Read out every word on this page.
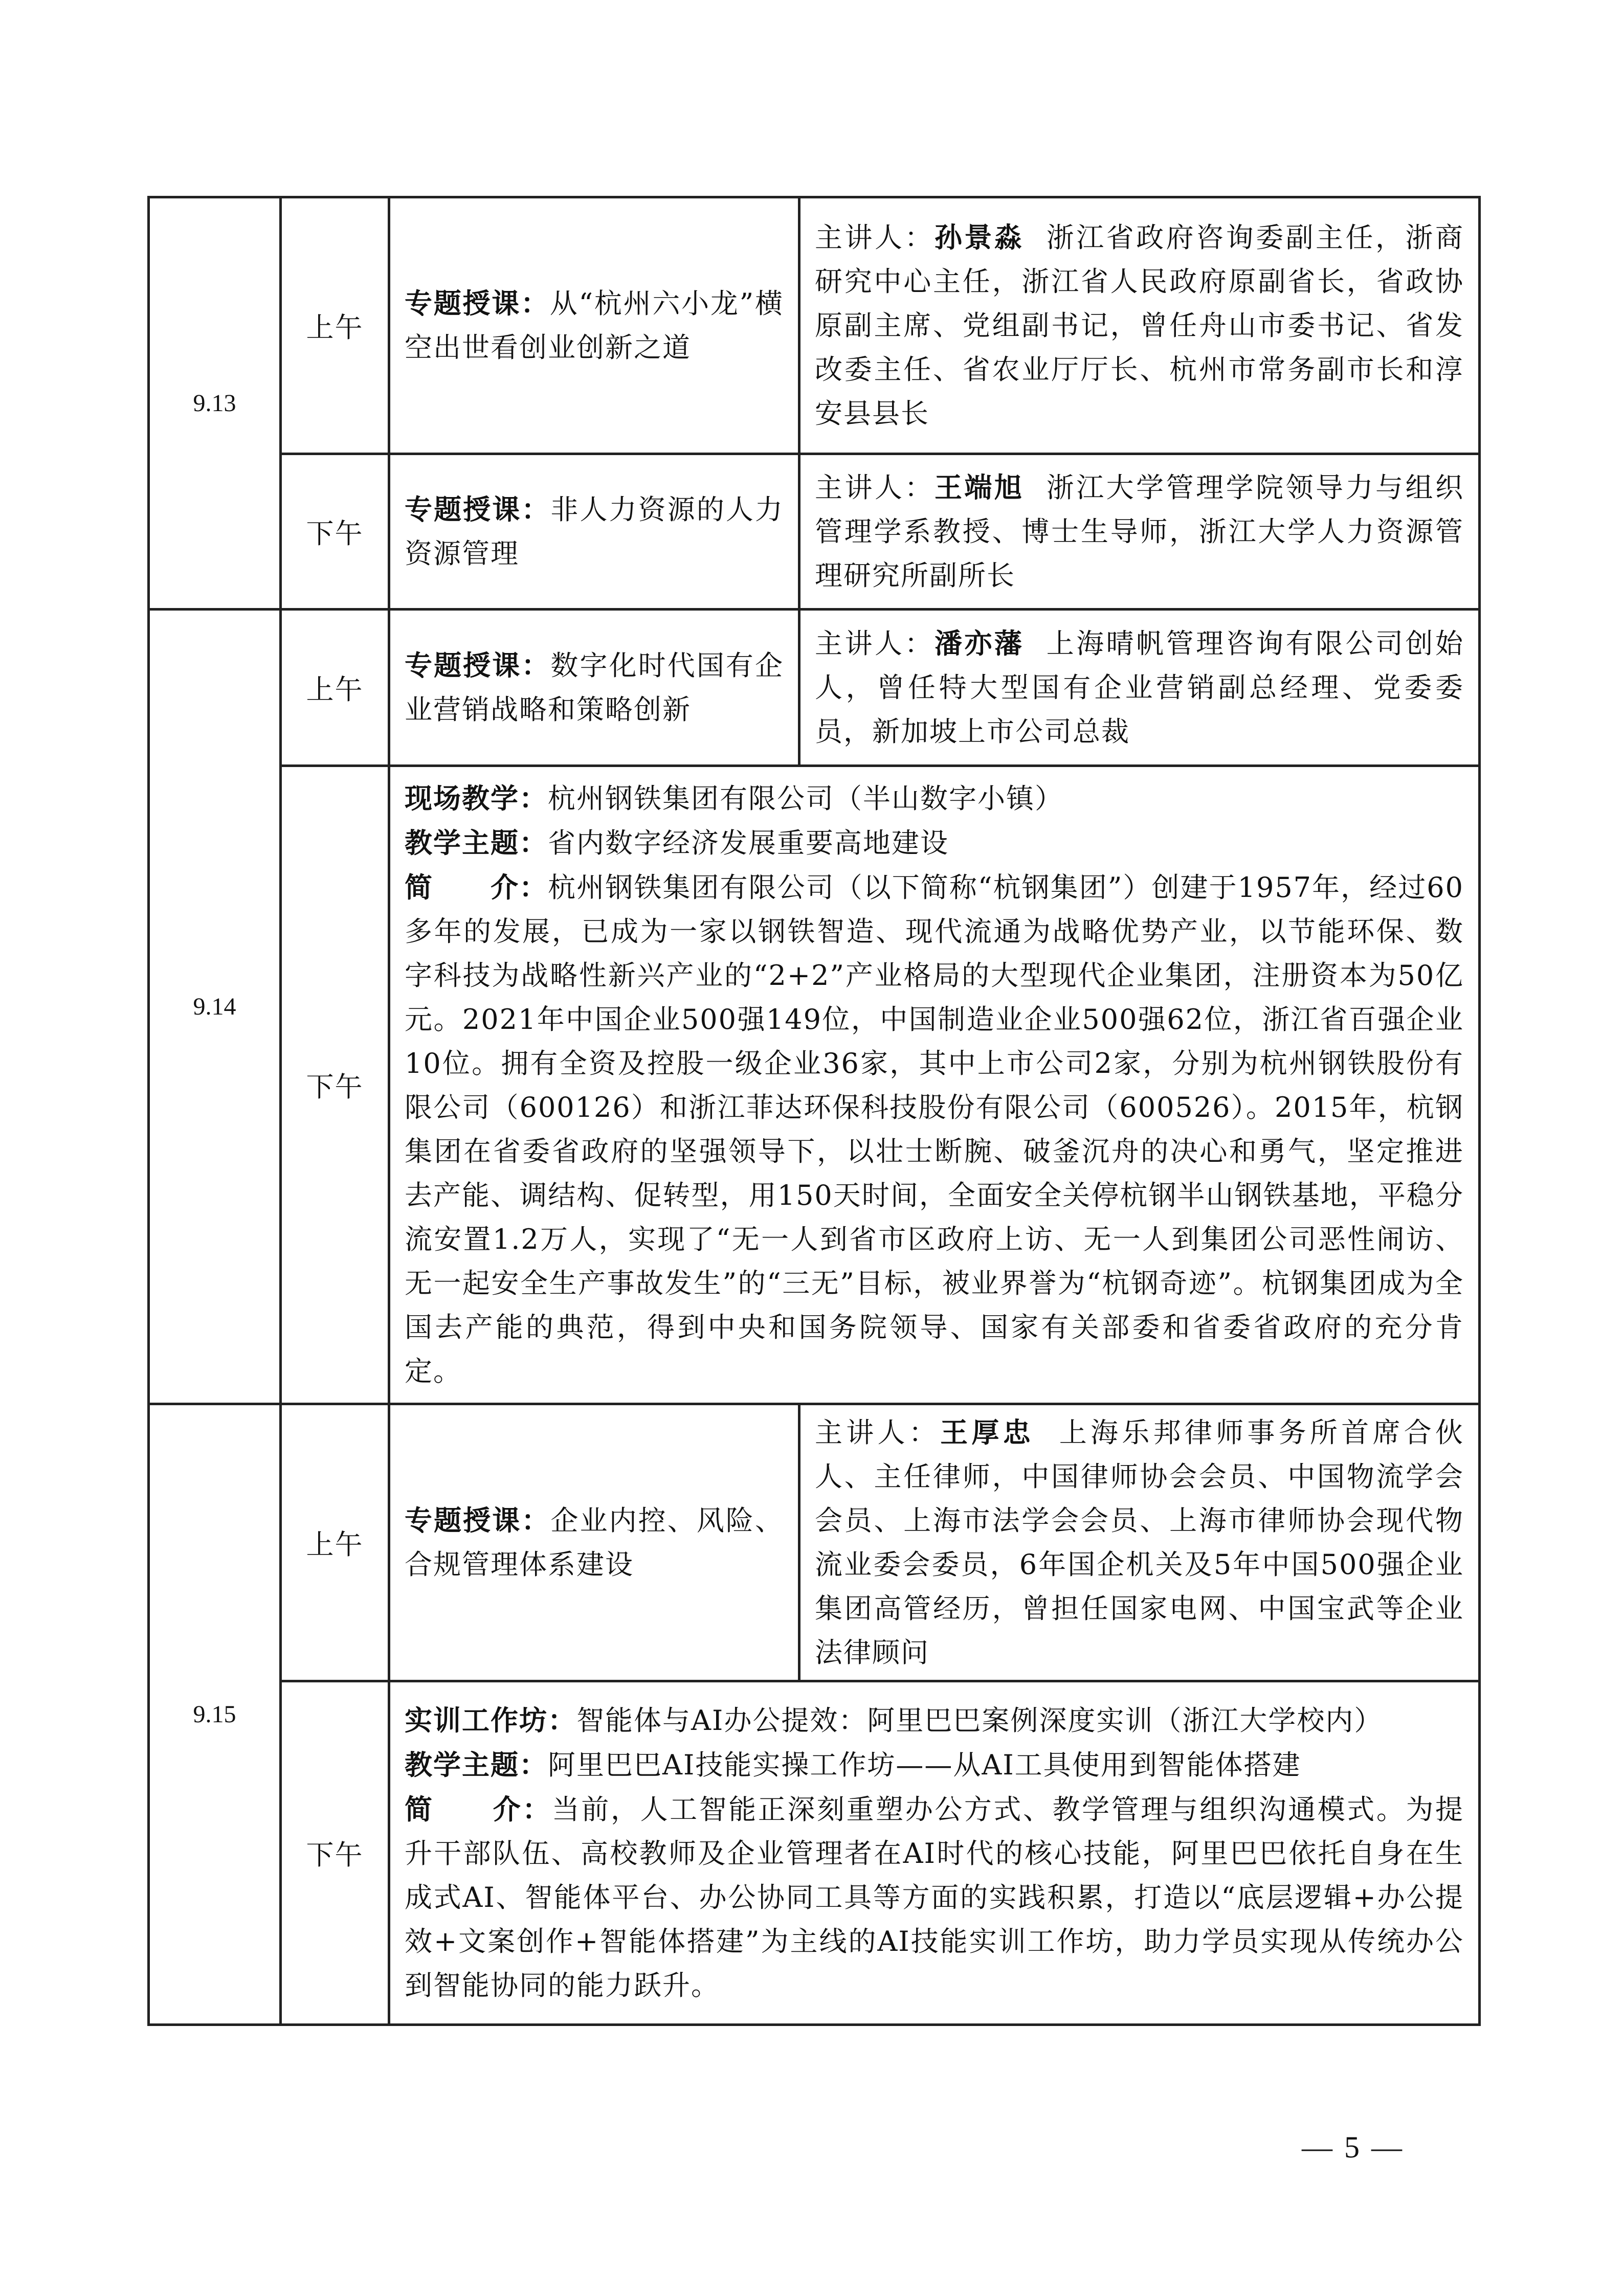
9.13	上午	专题授课：从“杭州六小龙”横空出世看创业创新之道	主讲人：孙景淼 浙江省政府咨询委副主任，浙商研究中心主任，浙江省人民政府原副省长，省政协原副主席、党组副书记，曾任舟山市委书记、省发改委主任、省农业厅厅长、杭州市常务副市长和淳安县县长
	下午	专题授课：非人力资源的人力资源管理	主讲人：王端旭 浙江大学管理学院领导力与组织管理学系教授、博士生导师，浙江大学人力资源管理研究所副所长
9.14	上午	专题授课：数字化时代国有企业营销战略和策略创新	主讲人：潘亦藩 上海晴帆管理咨询有限公司创始人，曾任特大型国有企业营销副总经理、党委委员，新加坡上市公司总裁
	下午	现场教学：杭州钢铁集团有限公司（半山数字小镇）
教学主题：省内数字经济发展重要高地建设
简　　介：杭州钢铁集团有限公司（以下简称“杭钢集团”）创建于1957年，经过60多年的发展，已成为一家以钢铁智造、现代流通为战略优势产业，以节能环保、数字科技为战略性新兴产业的“2+2”产业格局的大型现代企业集团，注册资本为50亿元。2021年中国企业500强149位，中国制造业企业500强62位，浙江省百强企业10位。拥有全资及控股一级企业36家，其中上市公司2家，分别为杭州钢铁股份有限公司（600126）和浙江菲达环保科技股份有限公司（600526）。2015年，杭钢集团在省委省政府的坚强领导下，以壮士断腕、破釜沉舟的决心和勇气，坚定推进去产能、调结构、促转型，用150天时间，全面安全关停杭钢半山钢铁基地，平稳分流安置1.2万人，实现了“无一人到省市区政府上访、无一人到集团公司恶性闹访、无一起安全生产事故发生”的“三无”目标，被业界誉为“杭钢奇迹”。杭钢集团成为全国去产能的典范，得到中央和国务院领导、国家有关部委和省委省政府的充分肯定。	

9.15	上午	专题授课：企业内控、风险、合规管理体系建设	主讲人：王厚忠 上海乐邦律师事务所首席合伙人、主任律师，中国律师协会会员、中国物流学会会员、上海市法学会会员、上海市律师协会现代物流业委会委员，6年国企机关及5年中国500强企业集团高管经历，曾担任国家电网、中国宝武等企业法律顾问
	下午	实训工作坊：智能体与AI办公提效：阿里巴巴案例深度实训（浙江大学校内）
教学主题：阿里巴巴AI技能实操工作坊——从AI工具使用到智能体搭建
简　　介：当前，人工智能正深刻重塑办公方式、教学管理与组织沟通模式。为提升干部队伍、高校教师及企业管理者在AI时代的核心技能，阿里巴巴依托自身在生成式AI、智能体平台、办公协同工具等方面的实践积累，打造以“底层逻辑+办公提效+文案创作+智能体搭建”为主线的AI技能实训工作坊，助力学员实现从传统办公到智能协同的能力跃升。	
— 5 —
